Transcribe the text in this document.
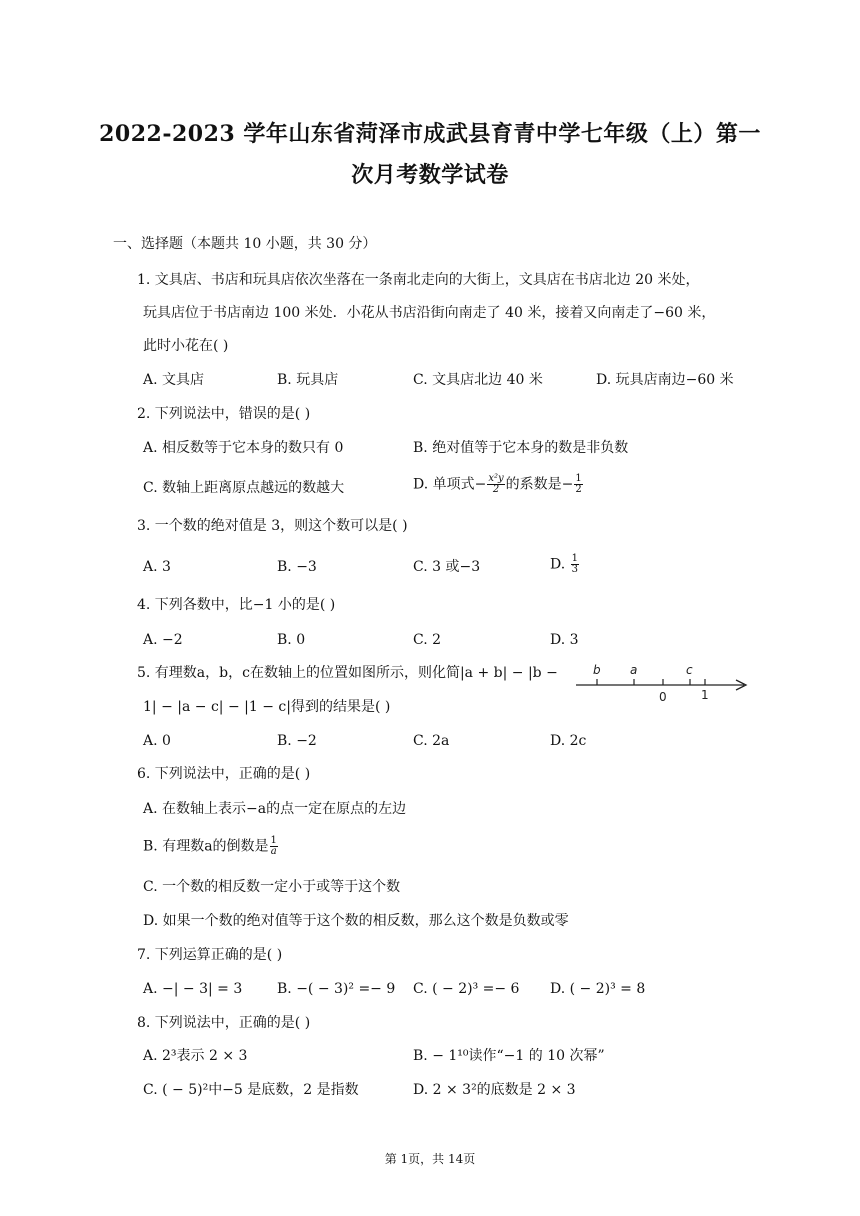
2022-2023 学年山东省菏泽市成武县育青中学七年级（上）第一
次月考数学试卷
一、选择题（本题共 10 小题，共 30 分）
1. 文具店、书店和玩具店依次坐落在一条南北走向的大街上，文具店在书店北边 20 米处，
玩具店位于书店南边 100 米处．小花从书店沿街向南走了 40 米，接着又向南走了−60 米，
此时小花在( )
A. 文具店	B. 玩具店	C. 文具店北边 40 米	D. 玩具店南边−60 米
2. 下列说法中，错误的是( )
A. 相反数等于它本身的数只有 0	B. 绝对值等于它本身的数是非负数
C. 数轴上距离原点越远的数越大	D. 单项式− $\frac{\text{x²y}}{2}$ 的系数是− $\frac{1}{2}$
3. 一个数的绝对值是 3，则这个数可以是( )
A. 3	B. −3	C. 3 或−3	D. $\frac{1}{3}$
4. 下列各数中，比−1 小的是( )
A. −2	B. 0	C. 2	D. 3
5. 有理数a，b，c在数轴上的位置如图所示，则化简|a + b| − |b −
1| − |a − c| − |1 − c|得到的结果是( )
b a	c
0	1
A. 0	B. −2	C. 2a	D. 2c
6. 下列说法中，正确的是( )
A. 在数轴上表示−a的点一定在原点的左边
B. 有理数a的倒数是 $\frac{1}{a}$
C. 一个数的相反数一定小于或等于这个数
D. 如果一个数的绝对值等于这个数的相反数，那么这个数是负数或零
7. 下列运算正确的是( )
A. −| − 3| = 3 B. −( − 3)² =− 9 C. ( − 2)³ =− 6 D. ( − 2)³ = 8
8. 下列说法中，正确的是( )
A. 2³表示 2 × 3	B. − 1¹⁰读作“−1 的 10 次幂”
C. ( − 5)²中−5 是底数，2 是指数	D. 2 × 3²的底数是 2 × 3
第 1页，共 14页
